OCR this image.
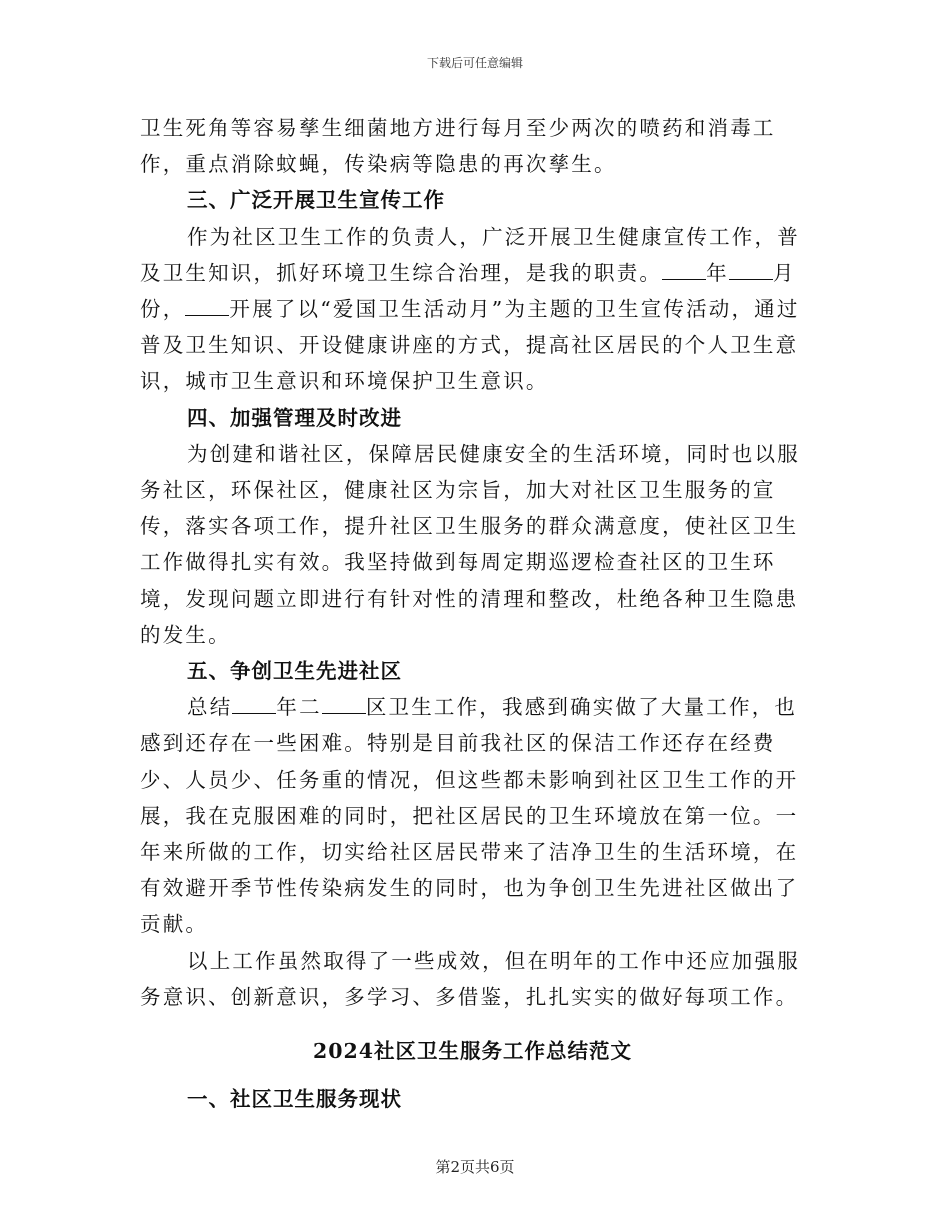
下载后可任意编辑

卫生死角等容易孳生细菌地方进行每月至少两次的喷药和消毒工作，重点消除蚊蝇，传染病等隐患的再次孳生。

三、广泛开展卫生宣传工作

作为社区卫生工作的负责人，广泛开展卫生健康宣传工作，普及卫生知识，抓好环境卫生综合治理，是我的职责。 年 月份， 开展了以“爱国卫生活动月”为主题的卫生宣传活动，通过普及卫生知识、开设健康讲座的方式，提高社区居民的个人卫生意识，城市卫生意识和环境保护卫生意识。

四、加强管理及时改进

为创建和谐社区，保障居民健康安全的生活环境，同时也以服务社区，环保社区，健康社区为宗旨，加大对社区卫生服务的宣传，落实各项工作，提升社区卫生服务的群众满意度，使社区卫生工作做得扎实有效。我坚持做到每周定期巡逻检查社区的卫生环境，发现问题立即进行有针对性的清理和整改，杜绝各种卫生隐患的发生。

五、争创卫生先进社区

总结 年二 区卫生工作，我感到确实做了大量工作，也感到还存在一些困难。特别是目前我社区的保洁工作还存在经费少、人员少、任务重的情况，但这些都未影响到社区卫生工作的开展，我在克服困难的同时，把社区居民的卫生环境放在第一位。一年来所做的工作，切实给社区居民带来了洁净卫生的生活环境，在有效避开季节性传染病发生的同时，也为争创卫生先进社区做出了贡献。

以上工作虽然取得了一些成效，但在明年的工作中还应加强服务意识、创新意识，多学习、多借鉴，扎扎实实的做好每项工作。

2024社区卫生服务工作总结范文

一、社区卫生服务现状

第2页共6页
